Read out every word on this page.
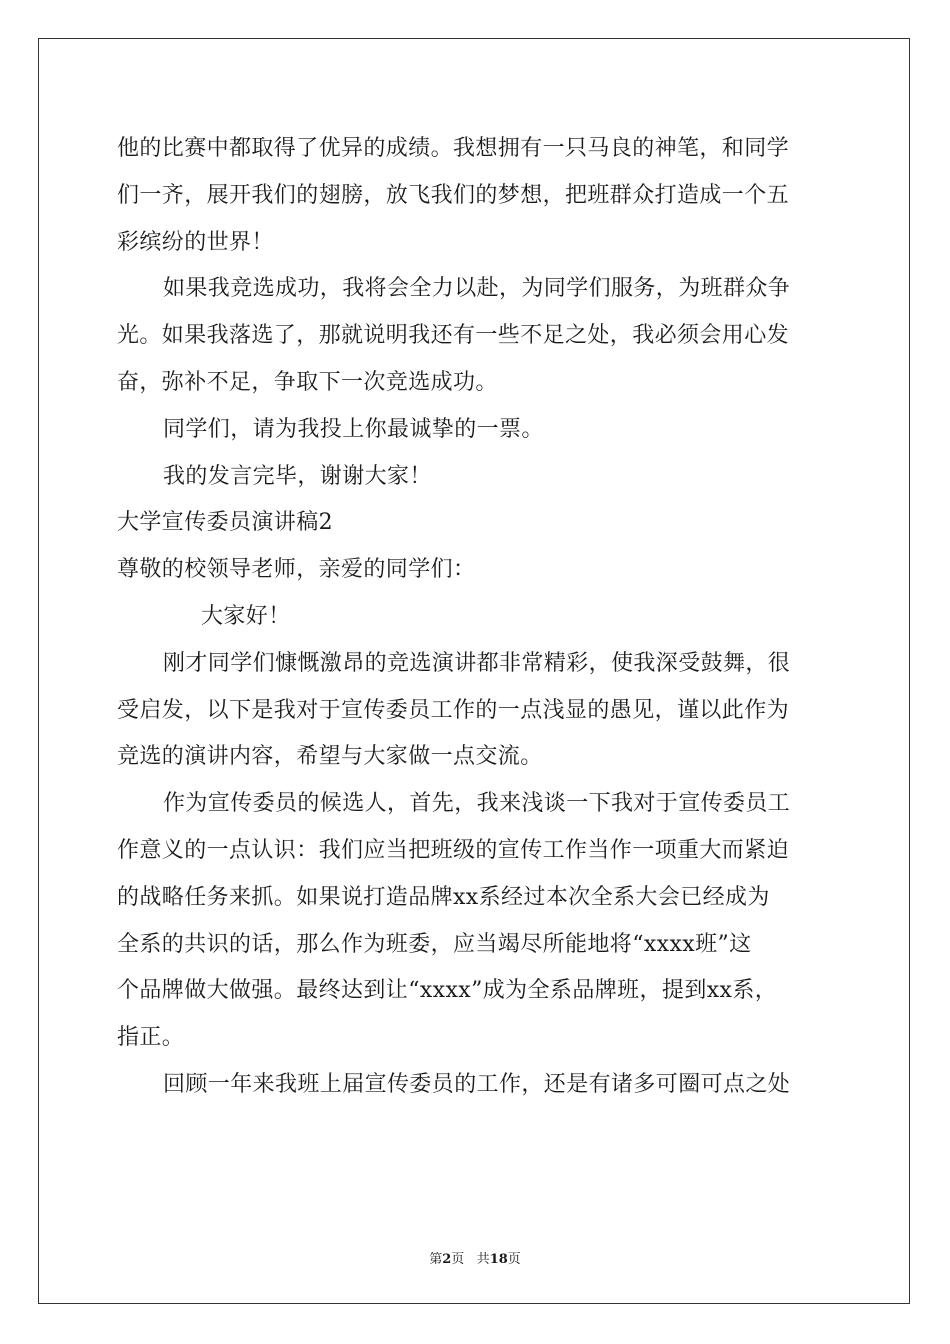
他的比赛中都取得了优异的成绩。我想拥有一只马良的神笔，和同学
们一齐，展开我们的翅膀，放飞我们的梦想，把班群众打造成一个五
彩缤纷的世界！
如果我竞选成功，我将会全力以赴，为同学们服务，为班群众争
光。如果我落选了，那就说明我还有一些不足之处，我必须会用心发
奋，弥补不足，争取下一次竞选成功。
同学们，请为我投上你最诚挚的一票。
我的发言完毕，谢谢大家！
大学宣传委员演讲稿2
尊敬的校领导老师，亲爱的同学们：
大家好！
刚才同学们慷慨激昂的竞选演讲都非常精彩，使我深受鼓舞，很
受启发，以下是我对于宣传委员工作的一点浅显的愚见，谨以此作为
竞选的演讲内容，希望与大家做一点交流。
作为宣传委员的候选人，首先，我来浅谈一下我对于宣传委员工
作意义的一点认识：我们应当把班级的宣传工作当作一项重大而紧迫
的战略任务来抓。如果说打造品牌xx系经过本次全系大会已经成为
全系的共识的话，那么作为班委，应当竭尽所能地将“xxxx班”这
个品牌做大做强。最终达到让“xxxx”成为全系品牌班，提到xx系，
指正。
回顾一年来我班上届宣传委员的工作，还是有诸多可圈可点之处
第2页 共18页
